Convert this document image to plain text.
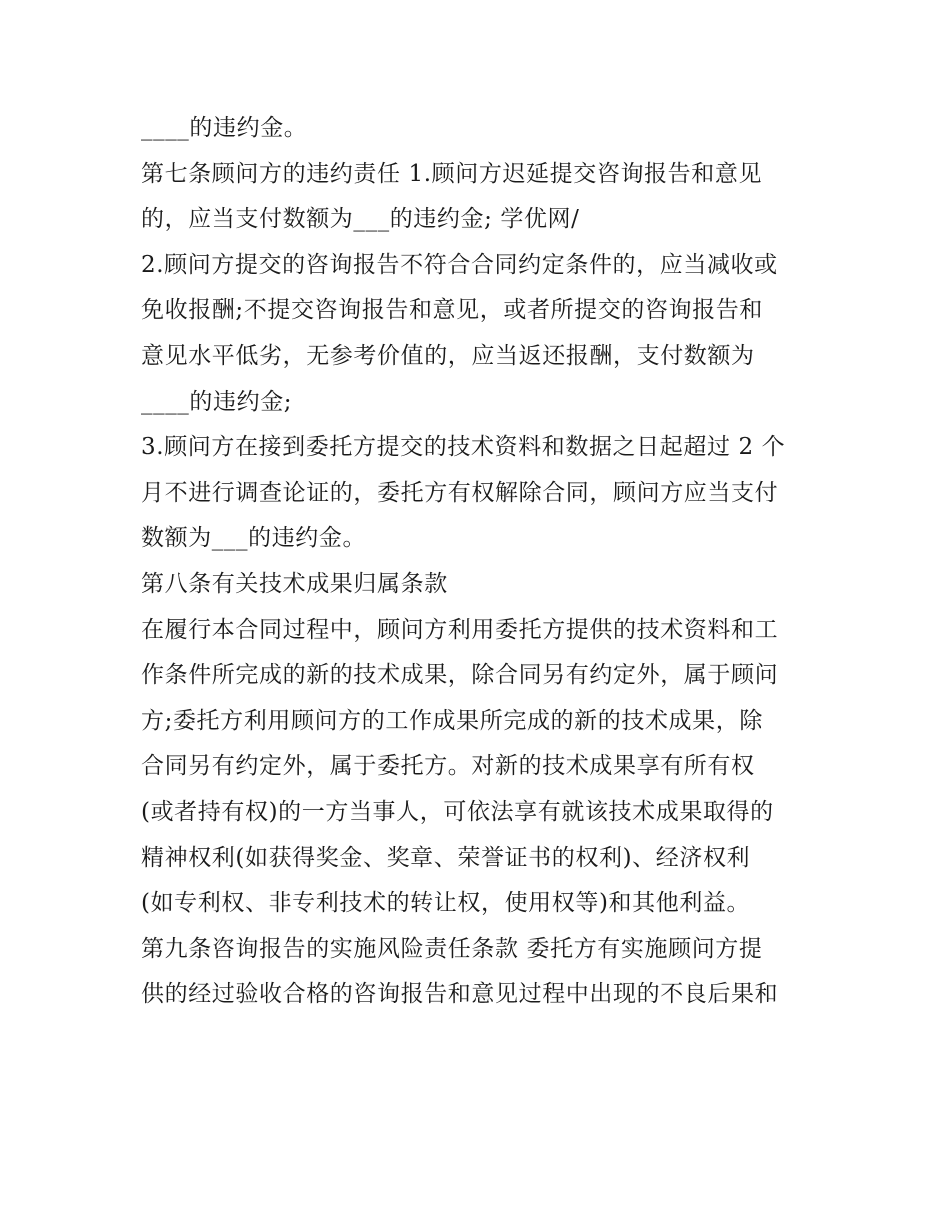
____的违约金。
第七条顾问方的违约责任 1.顾问方迟延提交咨询报告和意见
的，应当支付数额为___的违约金; 学优网/
2.顾问方提交的咨询报告不符合合同约定条件的，应当减收或
免收报酬;不提交咨询报告和意见，或者所提交的咨询报告和
意见水平低劣，无参考价值的，应当返还报酬，支付数额为
____的违约金;
3.顾问方在接到委托方提交的技术资料和数据之日起超过 2 个
月不进行调查论证的，委托方有权解除合同，顾问方应当支付
数额为___的违约金。
第八条有关技术成果归属条款
在履行本合同过程中，顾问方利用委托方提供的技术资料和工
作条件所完成的新的技术成果，除合同另有约定外，属于顾问
方;委托方利用顾问方的工作成果所完成的新的技术成果，除
合同另有约定外，属于委托方。对新的技术成果享有所有权
(或者持有权)的一方当事人，可依法享有就该技术成果取得的
精神权利(如获得奖金、奖章、荣誉证书的权利)、经济权利
(如专利权、非专利技术的转让权，使用权等)和其他利益。
第九条咨询报告的实施风险责任条款 委托方有实施顾问方提
供的经过验收合格的咨询报告和意见过程中出现的不良后果和
